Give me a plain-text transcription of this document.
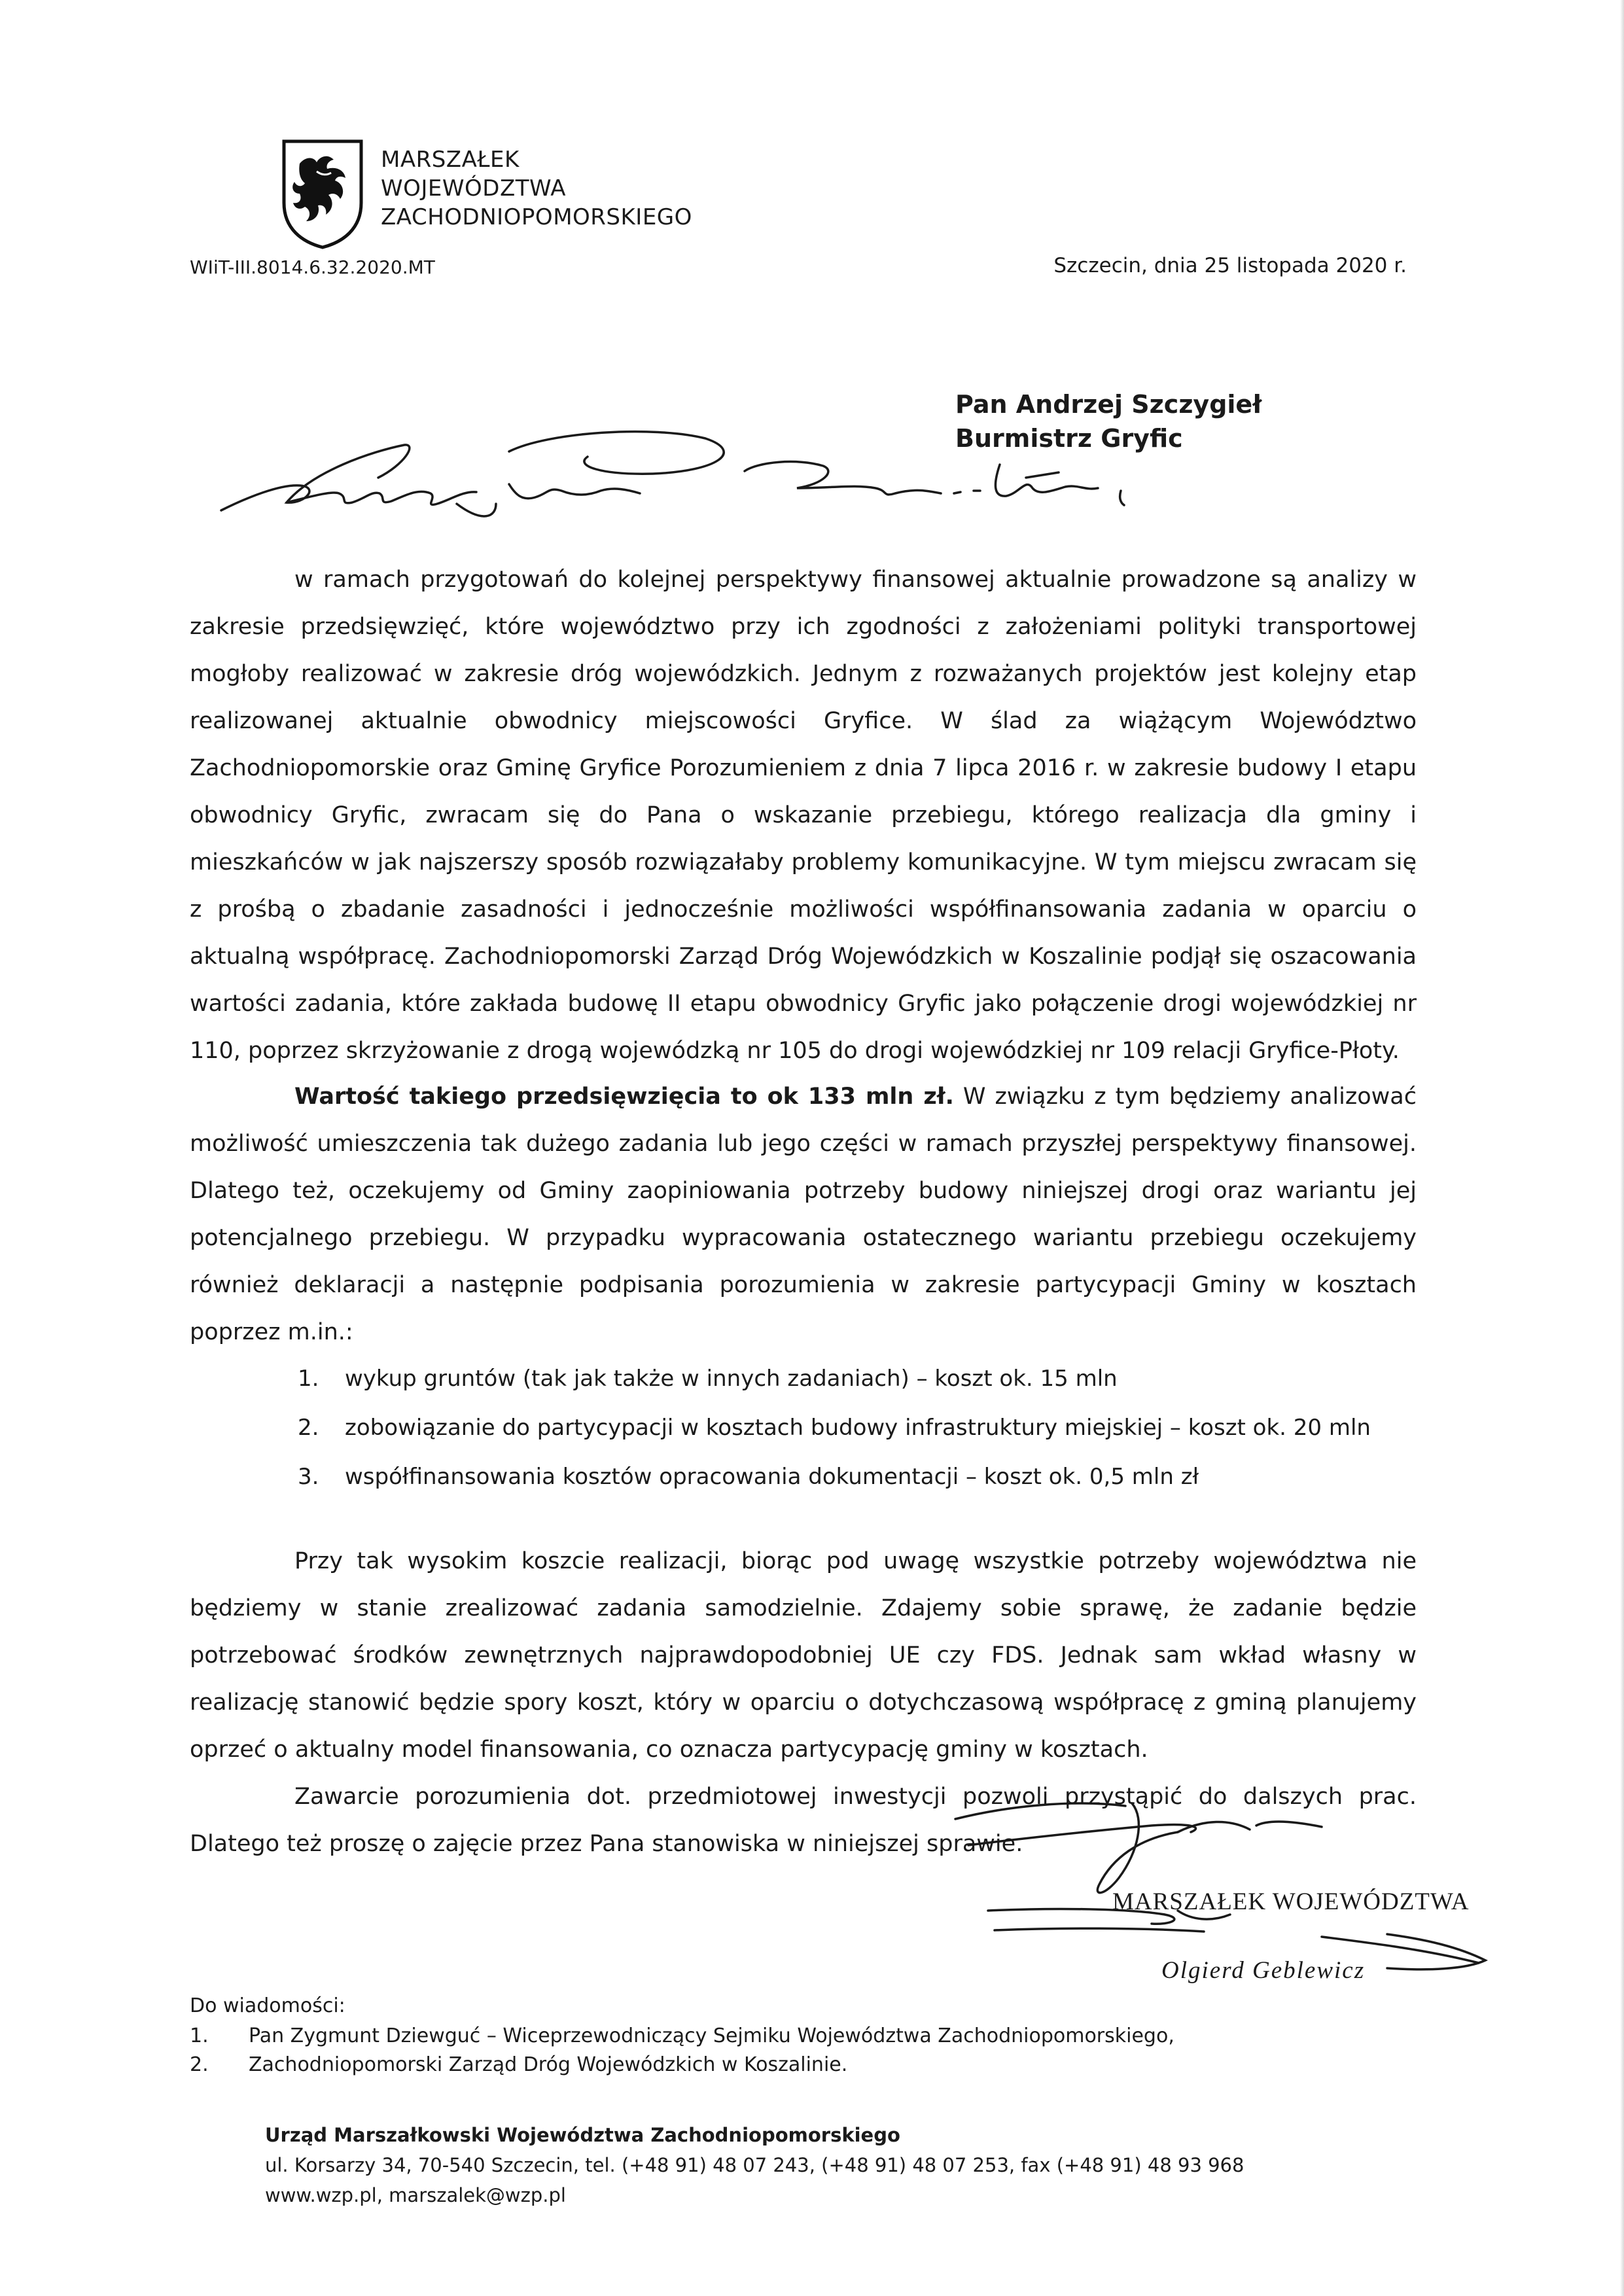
MARSZAŁEK
WOJEWÓDZTWA
ZACHODNIOPOMORSKIEGO
WIiT-III.8014.6.32.2020.MT	Szczecin, dnia 25 listopada 2020 r.
Pan Andrzej Szczygieł
Burmistrz Gryfic
w ramach przygotowań do kolejnej perspektywy finansowej aktualnie prowadzone są analizy w zakresie przedsięwzięć, które województwo przy ich zgodności z założeniami polityki transportowej mogłoby realizować w zakresie dróg wojewódzkich. Jednym z rozważanych projektów jest kolejny etap realizowanej aktualnie obwodnicy miejscowości Gryfice. W ślad za wiążącym Województwo Zachodniopomorskie oraz Gminę Gryfice Porozumieniem z dnia 7 lipca 2016 r. w zakresie budowy I etapu obwodnicy Gryfic, zwracam się do Pana o wskazanie przebiegu, którego realizacja dla gminy i mieszkańców w jak najszerszy sposób rozwiązałaby problemy komunikacyjne. W tym miejscu zwracam się z prośbą o zbadanie zasadności i jednocześnie możliwości współfinansowania zadania w oparciu o aktualną współpracę. Zachodniopomorski Zarząd Dróg Wojewódzkich w Koszalinie podjął się oszacowania wartości zadania, które zakłada budowę II etapu obwodnicy Gryfic jako połączenie drogi wojewódzkiej nr 110, poprzez skrzyżowanie z drogą wojewódzką nr 105 do drogi wojewódzkiej nr 109 relacji Gryfice-Płoty.
Wartość takiego przedsięwzięcia to ok 133 mln zł. W związku z tym będziemy analizować możliwość umieszczenia tak dużego zadania lub jego części w ramach przyszłej perspektywy finansowej. Dlatego też, oczekujemy od Gminy zaopiniowania potrzeby budowy niniejszej drogi oraz wariantu jej potencjalnego przebiegu. W przypadku wypracowania ostatecznego wariantu przebiegu oczekujemy również deklaracji a następnie podpisania porozumienia w zakresie partycypacji Gminy w kosztach poprzez m.in.:
1.	wykup gruntów (tak jak także w innych zadaniach) – koszt ok. 15 mln
2.	zobowiązanie do partycypacji w kosztach budowy infrastruktury miejskiej – koszt ok. 20 mln
3.	współfinansowania kosztów opracowania dokumentacji – koszt ok. 0,5 mln zł
Przy tak wysokim koszcie realizacji, biorąc pod uwagę wszystkie potrzeby województwa nie będziemy w stanie zrealizować zadania samodzielnie. Zdajemy sobie sprawę, że zadanie będzie potrzebować środków zewnętrznych najprawdopodobniej UE czy FDS. Jednak sam wkład własny w realizację stanowić będzie spory koszt, który w oparciu o dotychczasową współpracę z gminą planujemy oprzeć o aktualny model finansowania, co oznacza partycypację gminy w kosztach.
Zawarcie porozumienia dot. przedmiotowej inwestycji pozwoli przystąpić do dalszych prac. Dlatego też proszę o zajęcie przez Pana stanowiska w niniejszej sprawie.
MARSZAŁEK WOJEWÓDZTWA
Olgierd Geblewicz
Do wiadomości:
1.	Pan Zygmunt Dziewguć – Wiceprzewodniczący Sejmiku Województwa Zachodniopomorskiego,
2.	Zachodniopomorski Zarząd Dróg Wojewódzkich w Koszalinie.
Urząd Marszałkowski Województwa Zachodniopomorskiego
ul. Korsarzy 34, 70-540 Szczecin, tel. (+48 91) 48 07 243, (+48 91) 48 07 253, fax (+48 91) 48 93 968
www.wzp.pl, marszalek@wzp.pl
